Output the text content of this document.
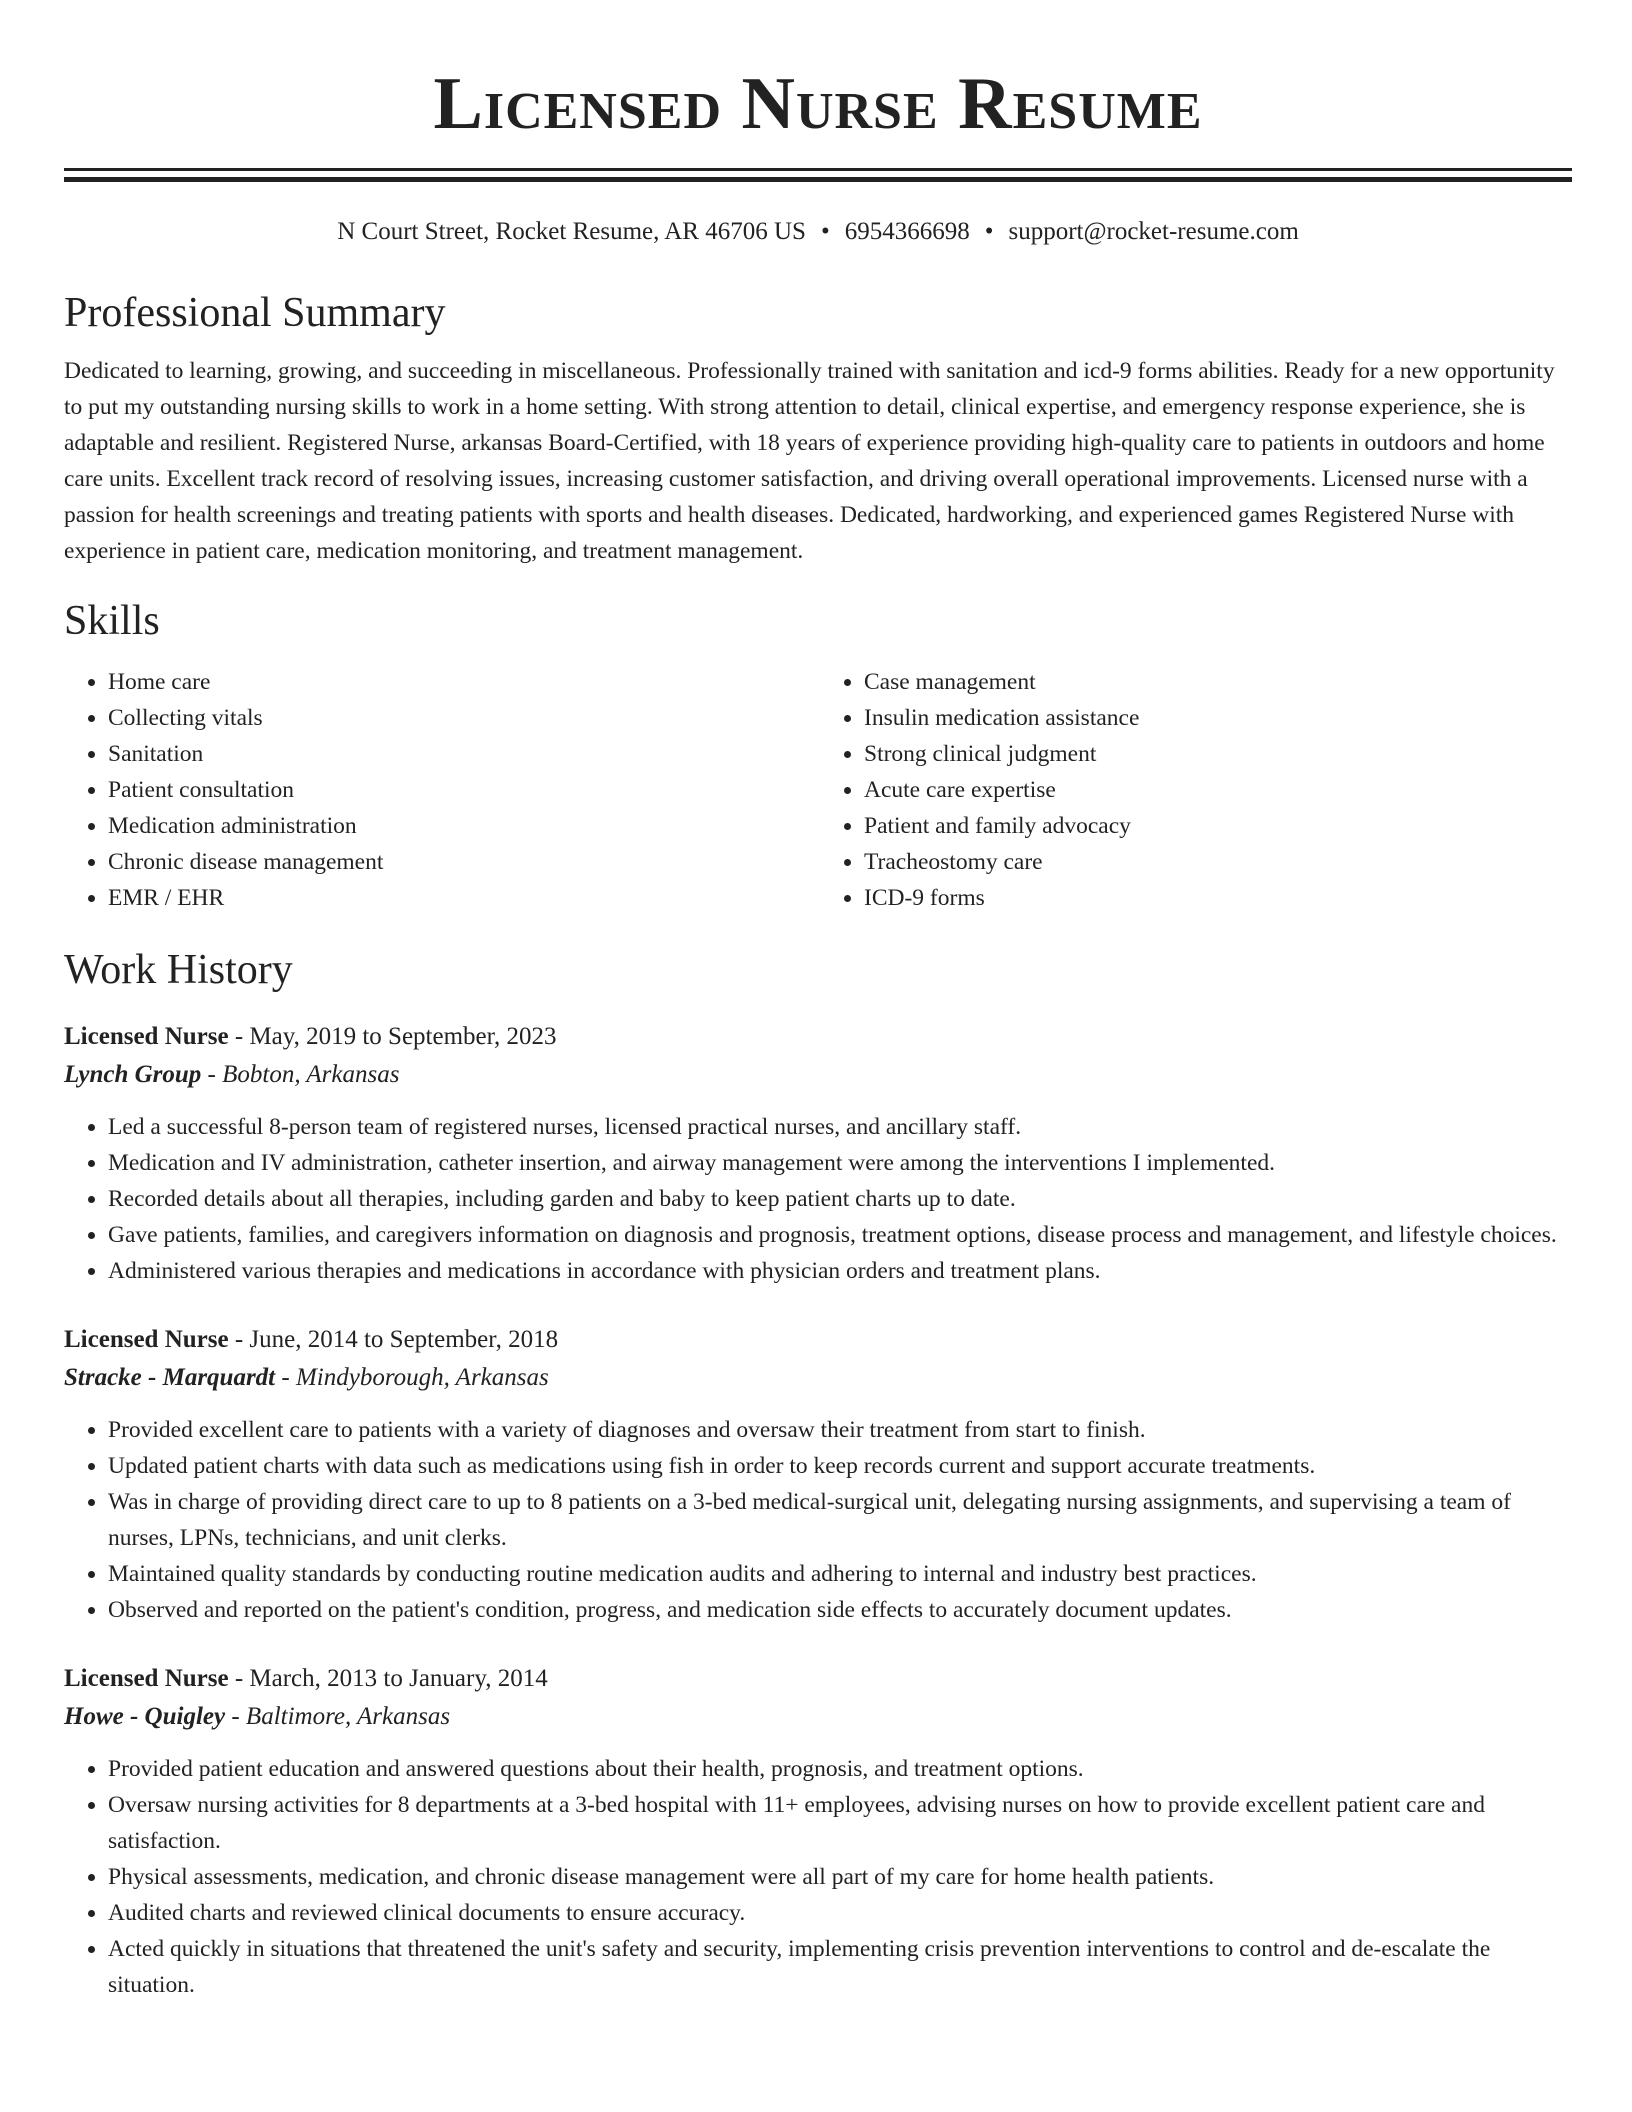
Licensed Nurse Resume
N Court Street, Rocket Resume, AR 46706 US • 6954366698 • support@rocket-resume.com
Professional Summary

Dedicated to learning, growing, and succeeding in miscellaneous. Professionally trained with sanitation and icd-9 forms abilities. Ready for a new opportunity to put my outstanding nursing skills to work in a home setting. With strong attention to detail, clinical expertise, and emergency response experience, she is adaptable and resilient. Registered Nurse, arkansas Board-Certified, with 18 years of experience providing high-quality care to patients in outdoors and home care units. Excellent track record of resolving issues, increasing customer satisfaction, and driving overall operational improvements. Licensed nurse with a passion for health screenings and treating patients with sports and health diseases. Dedicated, hardworking, and experienced games Registered Nurse with experience in patient care, medication monitoring, and treatment management.

Skills
• Home care
• Collecting vitals
• Sanitation
• Patient consultation
• Medication administration
• Chronic disease management
• EMR / EHR
• Case management
• Insulin medication assistance
• Strong clinical judgment
• Acute care expertise
• Patient and family advocacy
• Tracheostomy care
• ICD-9 forms
Work History
Licensed Nurse - May, 2019 to September, 2023
Lynch Group - Bobton, Arkansas
• Led a successful 8-person team of registered nurses, licensed practical nurses, and ancillary staff.
• Medication and IV administration, catheter insertion, and airway management were among the interventions I implemented.
• Recorded details about all therapies, including garden and baby to keep patient charts up to date.
• Gave patients, families, and caregivers information on diagnosis and prognosis, treatment options, disease process and management, and lifestyle choices.
• Administered various therapies and medications in accordance with physician orders and treatment plans.
Licensed Nurse - June, 2014 to September, 2018
Stracke - Marquardt - Mindyborough, Arkansas
• Provided excellent care to patients with a variety of diagnoses and oversaw their treatment from start to finish.
• Updated patient charts with data such as medications using fish in order to keep records current and support accurate treatments.
• Was in charge of providing direct care to up to 8 patients on a 3-bed medical-surgical unit, delegating nursing assignments, and supervising a team of nurses, LPNs, technicians, and unit clerks.
• Maintained quality standards by conducting routine medication audits and adhering to internal and industry best practices.
• Observed and reported on the patient's condition, progress, and medication side effects to accurately document updates.
Licensed Nurse - March, 2013 to January, 2014
Howe - Quigley - Baltimore, Arkansas
• Provided patient education and answered questions about their health, prognosis, and treatment options.
• Oversaw nursing activities for 8 departments at a 3-bed hospital with 11+ employees, advising nurses on how to provide excellent patient care and satisfaction.
• Physical assessments, medication, and chronic disease management were all part of my care for home health patients.
• Audited charts and reviewed clinical documents to ensure accuracy.
• Acted quickly in situations that threatened the unit's safety and security, implementing crisis prevention interventions to control and de-escalate the situation.
